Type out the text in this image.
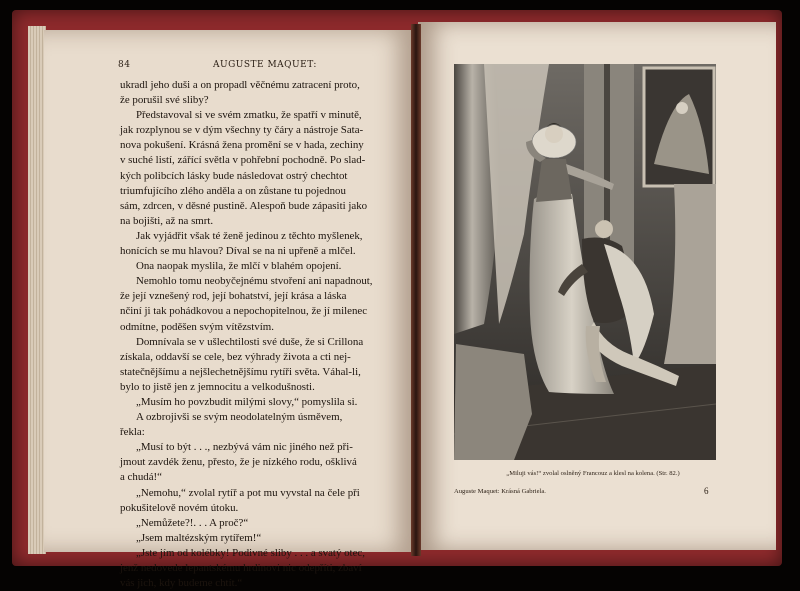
84	AUGUSTE MAQUET:

ukradl jeho duši a on propadl věčnému zatracení proto,

že porušil své sliby?

Představoval si ve svém zmatku, že spatří v minutě,

jak rozplynou se v dým všechny ty čáry a nástroje Sata-

nova pokušení. Krásná žena promění se v hada, zechiny

v suché listí, zářící světla v pohřební pochodně. Po slad-

kých polibcích lásky bude následovat ostrý chechtot

triumfujícího zlého anděla a on zůstane tu pojednou

sám, zdrcen, v děsné pustině. Alespoň bude zápasiti jako

na bojišti, až na smrt.

Jak vyjádřit však té ženě jedinou z těchto myšlenek,

honících se mu hlavou? Díval se na ni upřeně a mlčel.

Ona naopak myslila, že mlčí v blahém opojení.

Nemohlo tomu neobyčejnému stvoření ani napadnout,

že její vznešený rod, její bohatství, její krása a láska

nčiní ji tak pohádkovou a nepochopitelnou, že jí milenec

odmítne, poděšen svým vítězstvím.

Domnívala se v ušlechtilosti své duše, že si Crillona

získala, oddavší se cele, bez výhrady života a cti nej-

statečnějšímu a nejšlechetnějšímu rytíři světa. Váhal-li,

bylo to jistě jen z jemnocitu a velkodušnosti.

„Musím ho povzbudit milými slovy,“ pomyslila si.

A ozbrojivši se svým neodolatelným úsměvem,

řekla:

„Musí to být . . ., nezbývá vám nic jiného než při-

jmout zavdék ženu, přesto, že je nízkého rodu, ošklivá

a chudá!“

„Nemohu,“ zvolal rytíř a pot mu vyvstal na čele při

pokušitelově novém útoku.

„Nemůžete?!. . . A proč?“

„Jsem maltézským rytířem!“

„Jste jím od kolébky! Podivné sliby . . . a svatý otec,

jenž nedovede lepantskému hrdinovi nic odepříti, zbaví

vás jich, kdy budeme chtít.“

„Miluji vás!“ zvolal oslněný Francouz a klesl na kolena. (Str. 82.)
Auguste Maquet: Krásná Gabriela.	6
